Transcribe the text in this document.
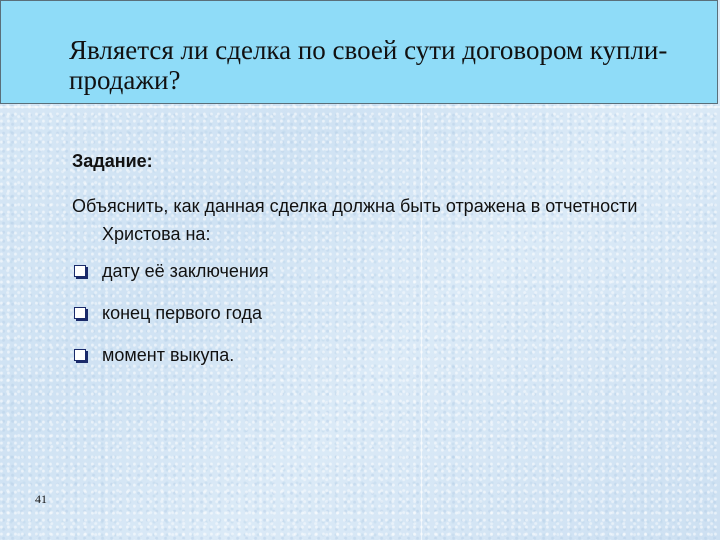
Является ли сделка по своей сути договором купли-продажи?

Задание:

Объяснить, как данная сделка должна быть отражена в отчетности Христова на:

дату её заключения
конец первого года
момент выкупа.
41
